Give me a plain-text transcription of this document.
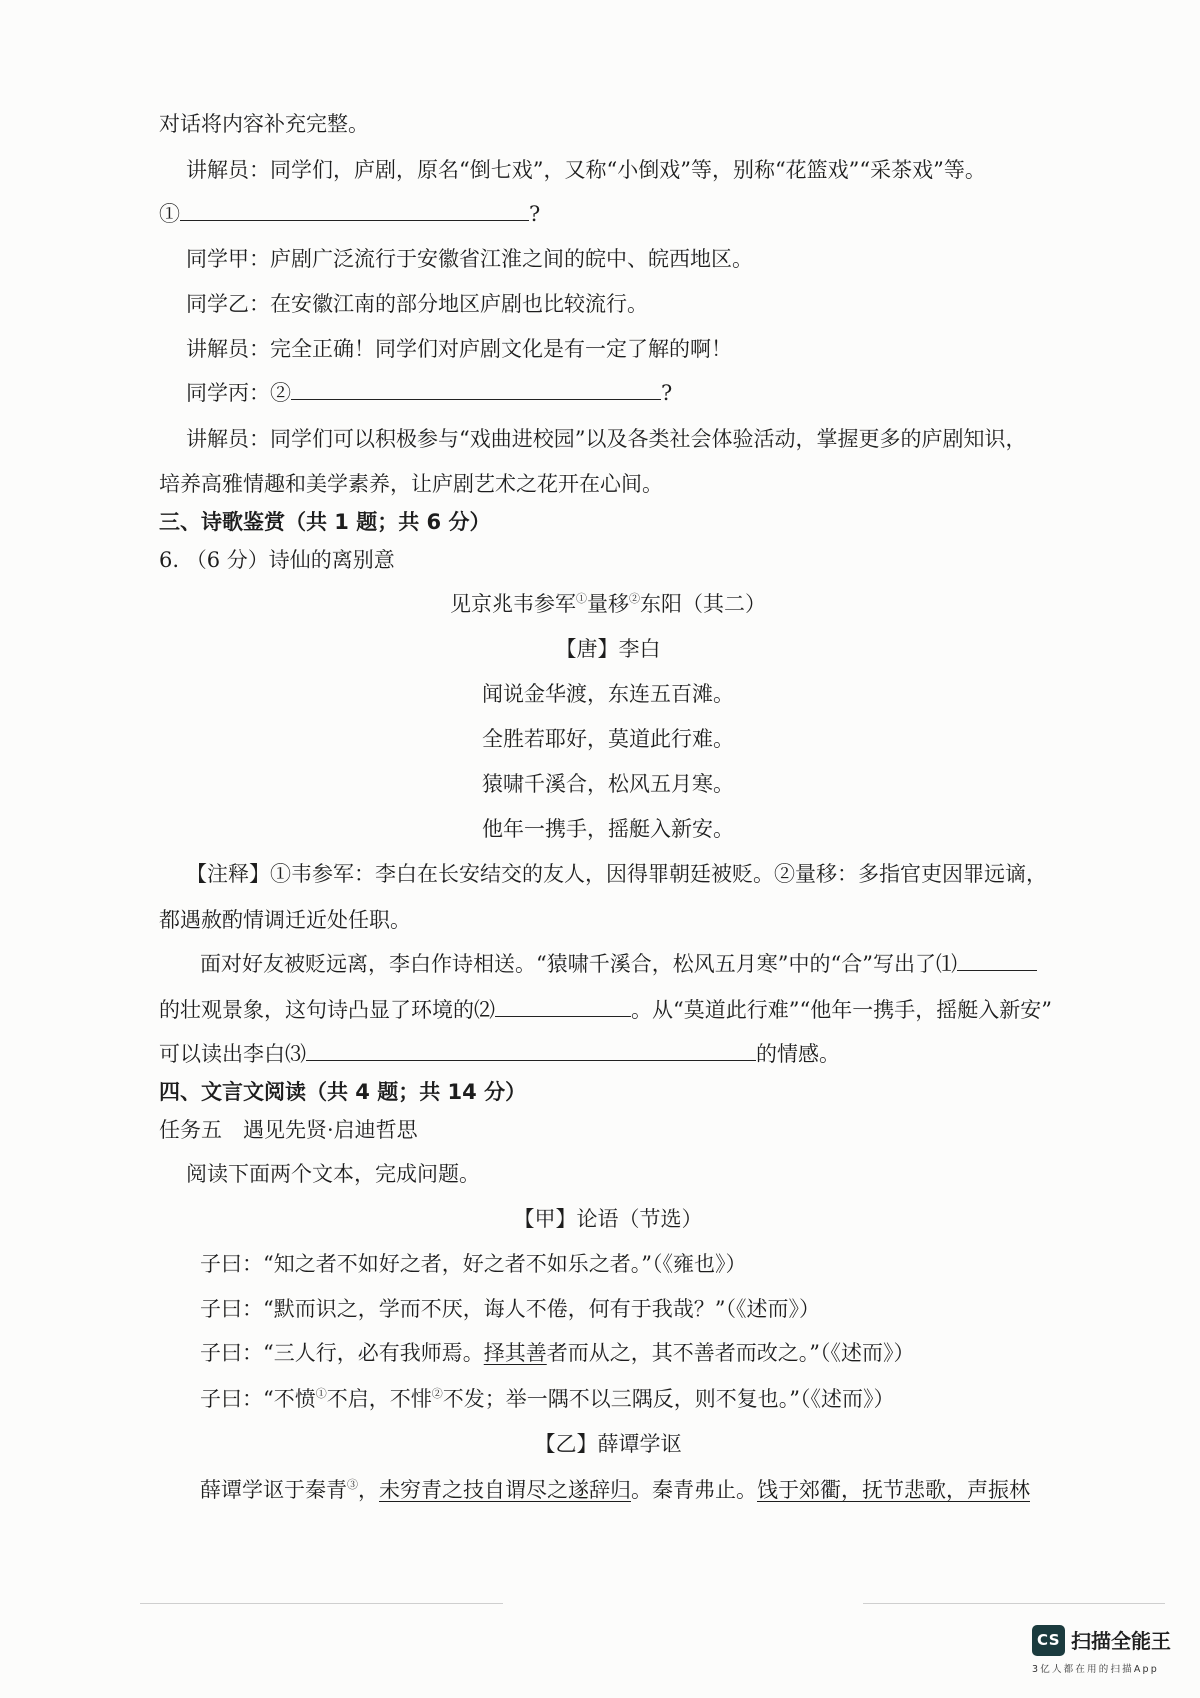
对话将内容补充完整。
讲解员：同学们，庐剧，原名“倒七戏”，又称“小倒戏”等，别称“花篮戏”“采茶戏”等。
①	?
同学甲：庐剧广泛流行于安徽省江淮之间的皖中、皖西地区。
同学乙：在安徽江南的部分地区庐剧也比较流行。
讲解员：完全正确！同学们对庐剧文化是有一定了解的啊！
同学丙：②	?
讲解员：同学们可以积极参与“戏曲进校园”以及各类社会体验活动，掌握更多的庐剧知识，
培养高雅情趣和美学素养，让庐剧艺术之花开在心间。
三、诗歌鉴赏（共 1 题；共 6 分）
6. （6 分）诗仙的离别意
见京兆韦参军①量移②东阳（其二）
【唐】李白
闻说金华渡，东连五百滩。
全胜若耶好，莫道此行难。
猿啸千溪合，松风五月寒。
他年一携手，摇艇入新安。
【注释】①韦参军：李白在长安结交的友人，因得罪朝廷被贬。②量移：多指官吏因罪远谪，
都遇赦酌情调迁近处任职。
面对好友被贬远离，李白作诗相送。“猿啸千溪合，松风五月寒”中的“合”写出了⑴
的壮观景象，这句诗凸显了环境的⑵	。从“莫道此行难”“他年一携手，摇艇入新安”
可以读出李白⑶	的情感。
四、文言文阅读（共 4 题；共 14 分）
任务五　遇见先贤·启迪哲思
阅读下面两个文本，完成问题。
【甲】论语（节选）
子曰：“知之者不如好之者，好之者不如乐之者。”（《雍也》）
子曰：“默而识之，学而不厌，诲人不倦，何有于我哉？”（《述而》）
子曰：“三人行，必有我师焉。择其善者而从之，其不善者而改之。”（《述而》）
子曰：“不愤①不启，不悱②不发；举一隅不以三隅反，则不复也。”（《述而》）
【乙】薛谭学讴
薛谭学讴于秦青③，未穷青之技自谓尽之遂辞归。秦青弗止。饯于郊衢，抚节悲歌，声振林
CS 扫描全能王
3亿人都在用的扫描App
